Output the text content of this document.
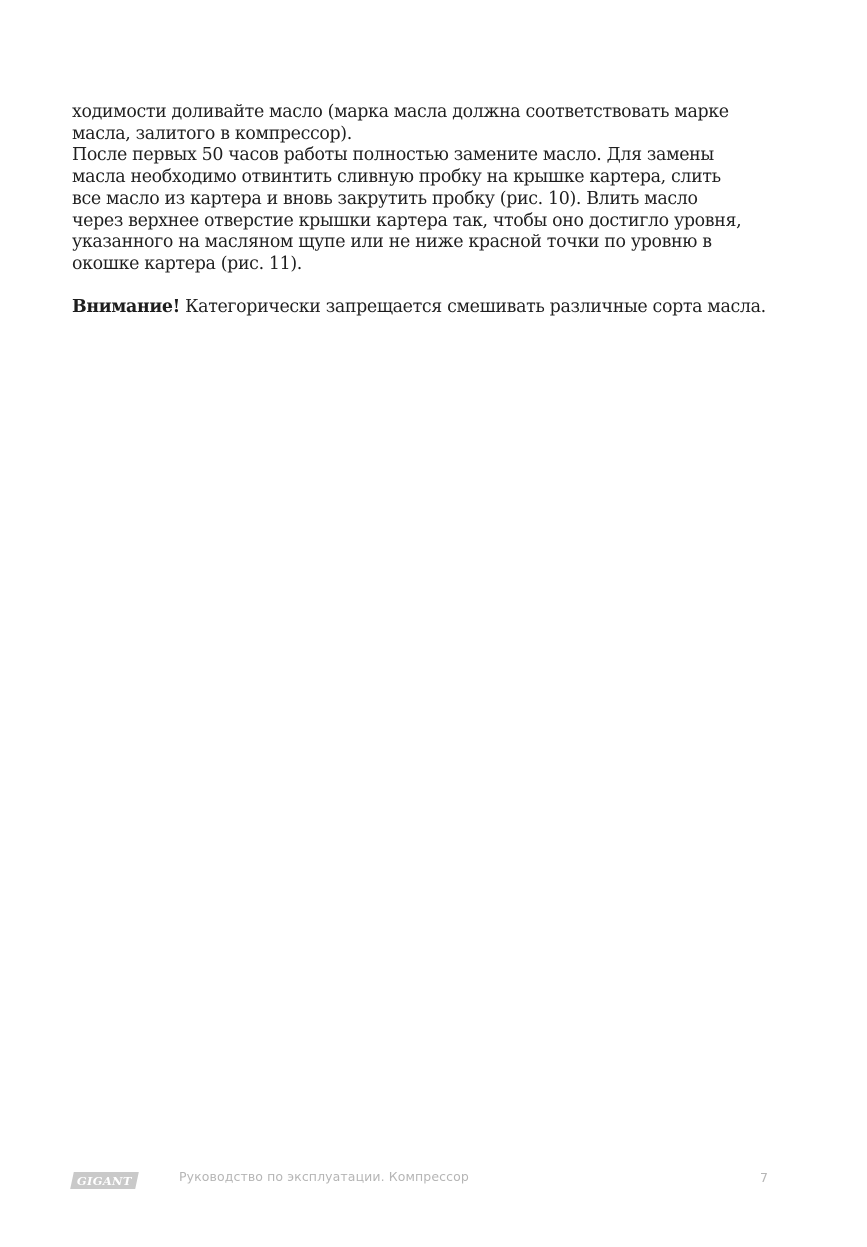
ходимости доливайте масло (марка масла должна соответствовать марке
масла, залитого в компрессор).

После первых 50 часов работы полностью замените масло. Для замены
масла необходимо отвинтить сливную пробку на крышке картера, слить
все масло из картера и вновь закрутить пробку (рис. 10). Влить масло
через верхнее отверстие крышки картера так, чтобы оно достигло уровня,
указанного на масляном щупе или не ниже красной точки по уровню в
окошке картера (рис. 11).

Внимание! Категорически запрещается смешивать различные сорта масла.

GIGANT	Руководство по эксплуатации. Компрессор	7
